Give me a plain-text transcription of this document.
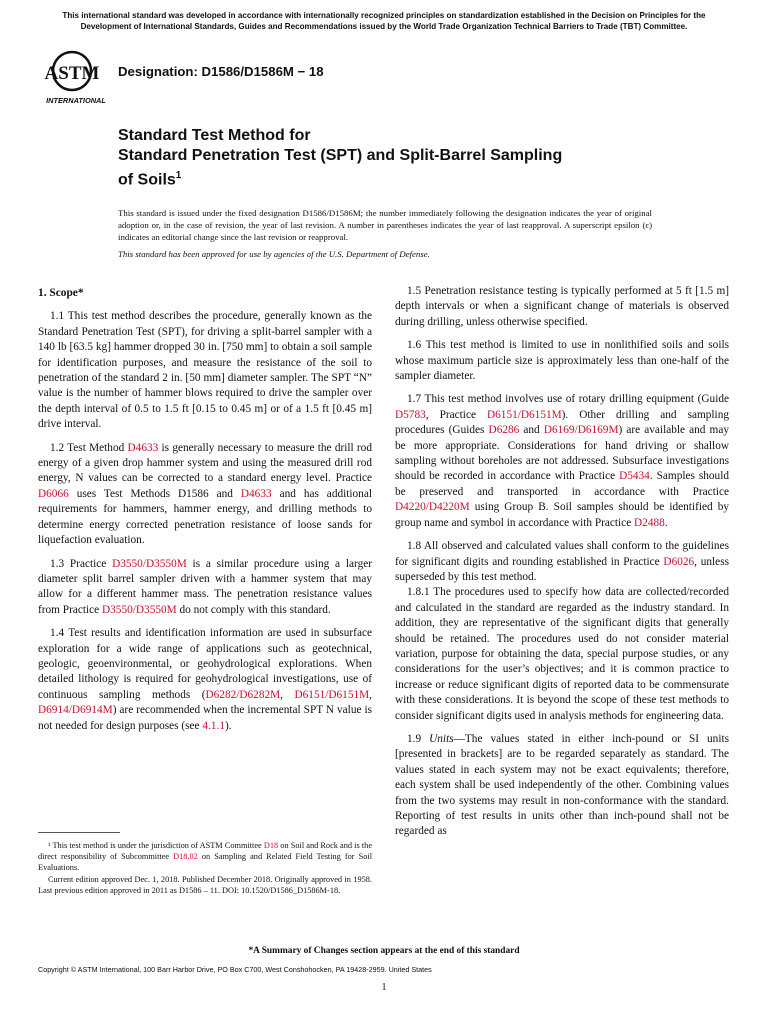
This international standard was developed in accordance with internationally recognized principles on standardization established in the Decision on Principles for the Development of International Standards, Guides and Recommendations issued by the World Trade Organization Technical Barriers to Trade (TBT) Committee.
ASTM
INTERNATIONAL
Designation: D1586/D1586M − 18
Standard Test Method for
Standard Penetration Test (SPT) and Split-Barrel Sampling
of Soils$^1$

This standard is issued under the fixed designation D1586/D1586M; the number immediately following the designation indicates the year of original adoption or, in the case of revision, the year of last revision. A number in parentheses indicates the year of last reapproval. A superscript epsilon (ε) indicates an editorial change since the last revision or reapproval.

This standard has been approved for use by agencies of the U.S. Department of Defense.

1. Scope*

1.1 This test method describes the procedure, generally known as the Standard Penetration Test (SPT), for driving a split-barrel sampler with a 140 lb [63.5 kg] hammer dropped 30 in. [750 mm] to obtain a soil sample for identification purposes, and measure the resistance of the soil to penetration of the standard 2 in. [50 mm] diameter sampler. The SPT “N” value is the number of hammer blows required to drive the sampler over the depth interval of 0.5 to 1.5 ft [0.15 to 0.45 m] or of a 1.5 ft [0.45 m] drive interval.

1.2 Test Method D4633 is generally necessary to measure the drill rod energy of a given drop hammer system and using the measured drill rod energy, N values can be corrected to a standard energy level. Practice D6066 uses Test Methods D1586 and D4633 and has additional requirements for hammers, hammer energy, and drilling methods to determine energy corrected penetration resistance of loose sands for liquefaction evaluation.

1.3 Practice D3550/D3550M is a similar procedure using a larger diameter split barrel sampler driven with a hammer system that may allow for a different hammer mass. The penetration resistance values from Practice D3550/D3550M do not comply with this standard.

1.4 Test results and identification information are used in subsurface exploration for a wide range of applications such as geotechnical, geologic, geoenvironmental, or geohydrological explorations. When detailed lithology is required for geohydrological investigations, use of continuous sampling methods (D6282/D6282M, D6151/D6151M, D6914/D6914M) are recommended when the incremental SPT N value is not needed for design purposes (see 4.1.1).

¹ This test method is under the jurisdiction of ASTM Committee D18 on Soil and Rock and is the direct responsibility of Subcommittee D18.02 on Sampling and Related Field Testing for Soil Evaluations.

Current edition approved Dec. 1, 2018. Published December 2018. Originally approved in 1958. Last previous edition approved in 2011 as D1586 – 11. DOI: 10.1520/D1586_D1586M-18.

1.5 Penetration resistance testing is typically performed at 5 ft [1.5 m] depth intervals or when a significant change of materials is observed during drilling, unless otherwise specified.

1.6 This test method is limited to use in nonlithified soils and soils whose maximum particle size is approximately less than one-half of the sampler diameter.

1.7 This test method involves use of rotary drilling equipment (Guide D5783, Practice D6151/D6151M). Other drilling and sampling procedures (Guides D6286 and D6169/D6169M) are available and may be more appropriate. Considerations for hand driving or shallow sampling without boreholes are not addressed. Subsurface investigations should be recorded in accordance with Practice D5434. Samples should be preserved and transported in accordance with Practice D4220/D4220M using Group B. Soil samples should be identified by group name and symbol in accordance with Practice D2488.

1.8 All observed and calculated values shall conform to the guidelines for significant digits and rounding established in Practice D6026, unless superseded by this test method.

1.8.1 The procedures used to specify how data are collected/recorded and calculated in the standard are regarded as the industry standard. In addition, they are representative of the significant digits that generally should be retained. The procedures used do not consider material variation, purpose for obtaining the data, special purpose studies, or any considerations for the user’s objectives; and it is common practice to increase or reduce significant digits of reported data to be commensurate with these considerations. It is beyond the scope of these test methods to consider significant digits used in analysis methods for engineering data.

1.9 Units—The values stated in either inch-pound or SI units [presented in brackets] are to be regarded separately as standard. The values stated in each system may not be exact equivalents; therefore, each system shall be used independently of the other. Combining values from the two systems may result in non-conformance with the standard. Reporting of test results in units other than inch-pound shall not be regarded as

*A Summary of Changes section appears at the end of this standard
Copyright © ASTM International, 100 Barr Harbor Drive, PO Box C700, West Conshohocken, PA 19428-2959. United States
1
